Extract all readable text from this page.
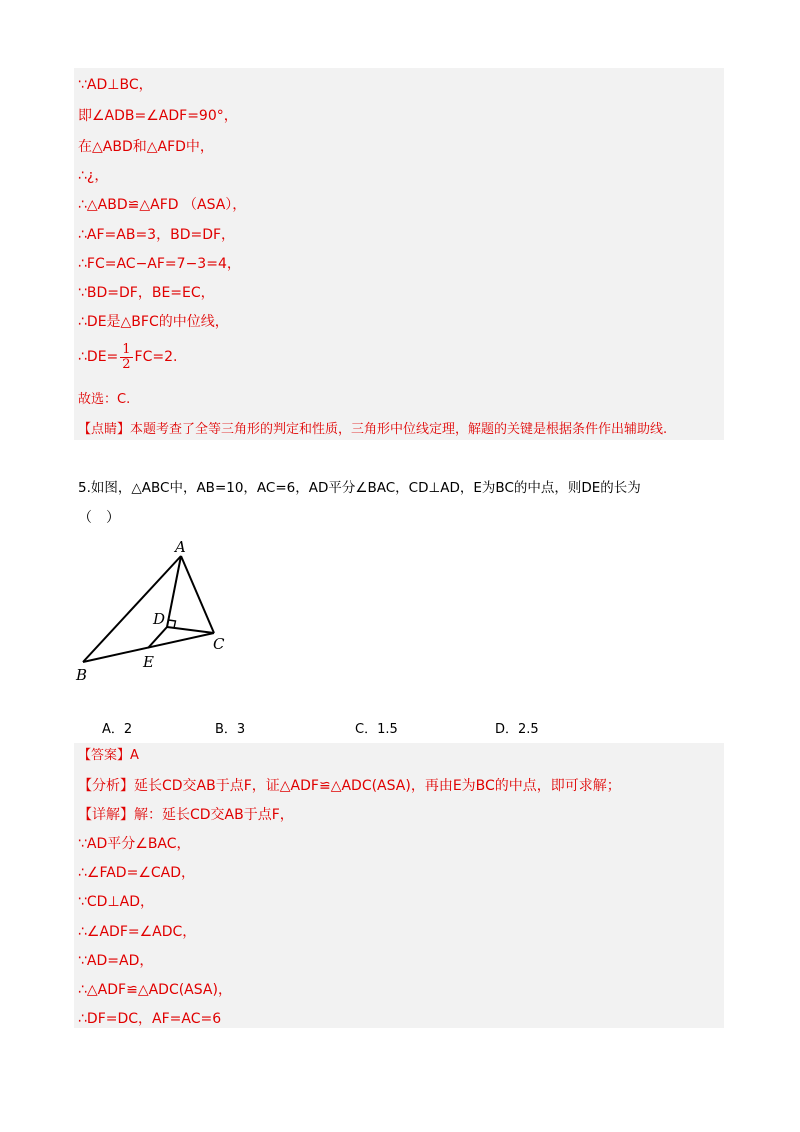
∵AD⊥BC，
即∠ADB=∠ADF=90°，
在△ABD和△AFD中，
∴¿，
∴△ABD≌△AFD （ASA），
∴AF=AB=3，BD=DF，
∴FC=AC−AF=7−3=4，
∵BD=DF，BE=EC，
∴DE是△BFC的中位线，
∴DE= $\frac{1}{2} FC=2$.
故选：C.
【点睛】本题考查了全等三角形的判定和性质，三角形中位线定理，解题的关键是根据条件作出辅助线.
5.如图，△ABC中，AB=10，AC=6，AD平分∠BAC，CD⊥AD，E为BC的中点，则DE的长为
（　）
A
B
C
D
E
A．2	B．3	C．1.5	D．2.5
【答案】A
【分析】延长CD交AB于点F，证△ADF≌△ADC(ASA)，再由E为BC的中点，即可求解；
【详解】解：延长CD交AB于点F，
∵AD平分∠BAC，
∴∠FAD=∠CAD，
∵CD⊥AD，
∴∠ADF=∠ADC，
∵AD=AD，
∴△ADF≌△ADC(ASA)，
∴DF=DC，AF=AC=6
